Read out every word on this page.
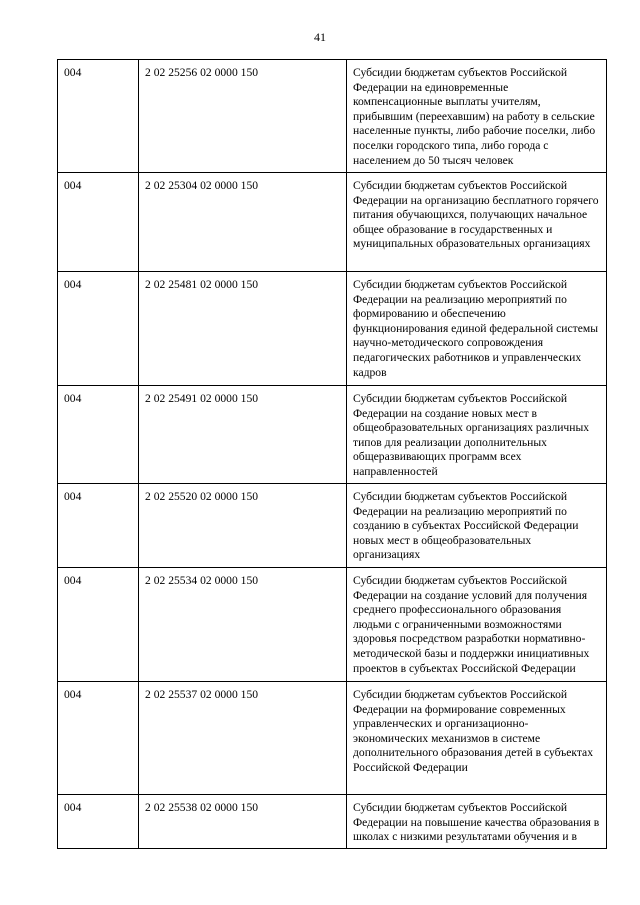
41
004	2 02 25256 02 0000 150	Субсидии бюджетам субъектов Российской Федерации на единовременные компенсационные выплаты учителям, прибывшим (переехавшим) на работу в сельские населенные пункты, либо рабочие поселки, либо поселки городского типа, либо города с населением до 50 тысяч человек
004	2 02 25304 02 0000 150	Субсидии бюджетам субъектов Российской Федерации на организацию бесплатного горячего питания обучающихся, получающих начальное общее образование в государственных и муниципальных образовательных организациях
004	2 02 25481 02 0000 150	Субсидии бюджетам субъектов Российской Федерации на реализацию мероприятий по формированию и обеспечению функционирования единой федеральной системы научно-методического сопровождения педагогических работников и управленческих кадров
004	2 02 25491 02 0000 150	Субсидии бюджетам субъектов Российской Федерации на создание новых мест в общеобразовательных организациях различных типов для реализации дополнительных общеразвивающих программ всех направленностей
004	2 02 25520 02 0000 150	Субсидии бюджетам субъектов Российской Федерации на реализацию мероприятий по созданию в субъектах Российской Федерации новых мест в общеобразовательных организациях
004	2 02 25534 02 0000 150	Субсидии бюджетам субъектов Российской Федерации на создание условий для получения среднего профессионального образования людьми с ограниченными возможностями здоровья посредством разработки нормативно-методической базы и поддержки инициативных проектов в субъектах Российской Федерации
004	2 02 25537 02 0000 150	Субсидии бюджетам субъектов Российской Федерации на формирование современных управленческих и организационно-экономических механизмов в системе дополнительного образования детей в субъектах Российской Федерации
004	2 02 25538 02 0000 150	Субсидии бюджетам субъектов Российской Федерации на повышение качества образования в школах с низкими результатами обучения и в
